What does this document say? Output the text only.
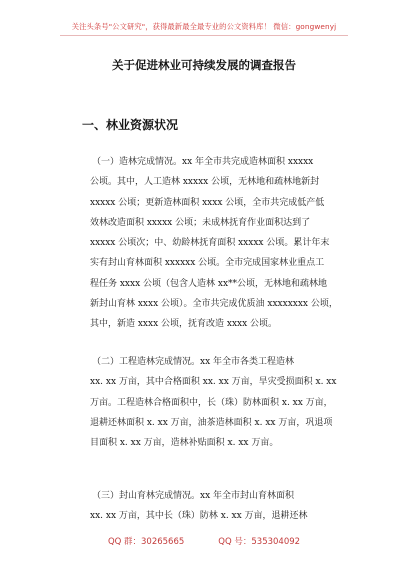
关注头条号"公文研究"，获得最新最全最专业的公文资料库！ 微信：gongwenyj
关于促进林业可持续发展的调查报告
一、林业资源状况

（一）造林完成情况。xx 年全市共完成造林面积 xxxxx
公顷。其中，人工造林 xxxxx 公顷，无林地和疏林地新封
xxxxx 公顷；更新造林面积 xxxx 公顷，全市共完成低产低
效林改造面积 xxxxx 公顷；未成林抚育作业面积达到了
xxxxx 公顷次；中、幼龄林抚育面积 xxxxx 公顷。累计年末
实有封山育林面积 xxxxxx 公顷。全市完成国家林业重点工
程任务 xxxx 公顷（包含人造林 xx**公顷，无林地和疏林地
新封山育林 xxxx 公顷）。全市共完成优质油 xxxxxxxx 公顷，
其中，新造 xxxx 公顷，抚育改造 xxxx 公顷。

（二）工程造林完成情况。xx 年全市各类工程造林
xx. xx 万亩，其中合格面积 xx. xx 万亩，旱灾受损面积 x. xx
万亩。工程造林合格面积中，长（珠）防林面积 x. xx 万亩，
退耕还林面积 x. xx 万亩，油茶造林面积 x. xx 万亩，巩退项
目面积 x. xx 万亩，造林补贴面积 x. xx 万亩。

（三）封山育林完成情况。xx 年全市封山育林面积
xx. xx 万亩，其中长（珠）防林 x. xx 万亩，退耕还林

QQ 群：30265665	QQ 号：535304092
